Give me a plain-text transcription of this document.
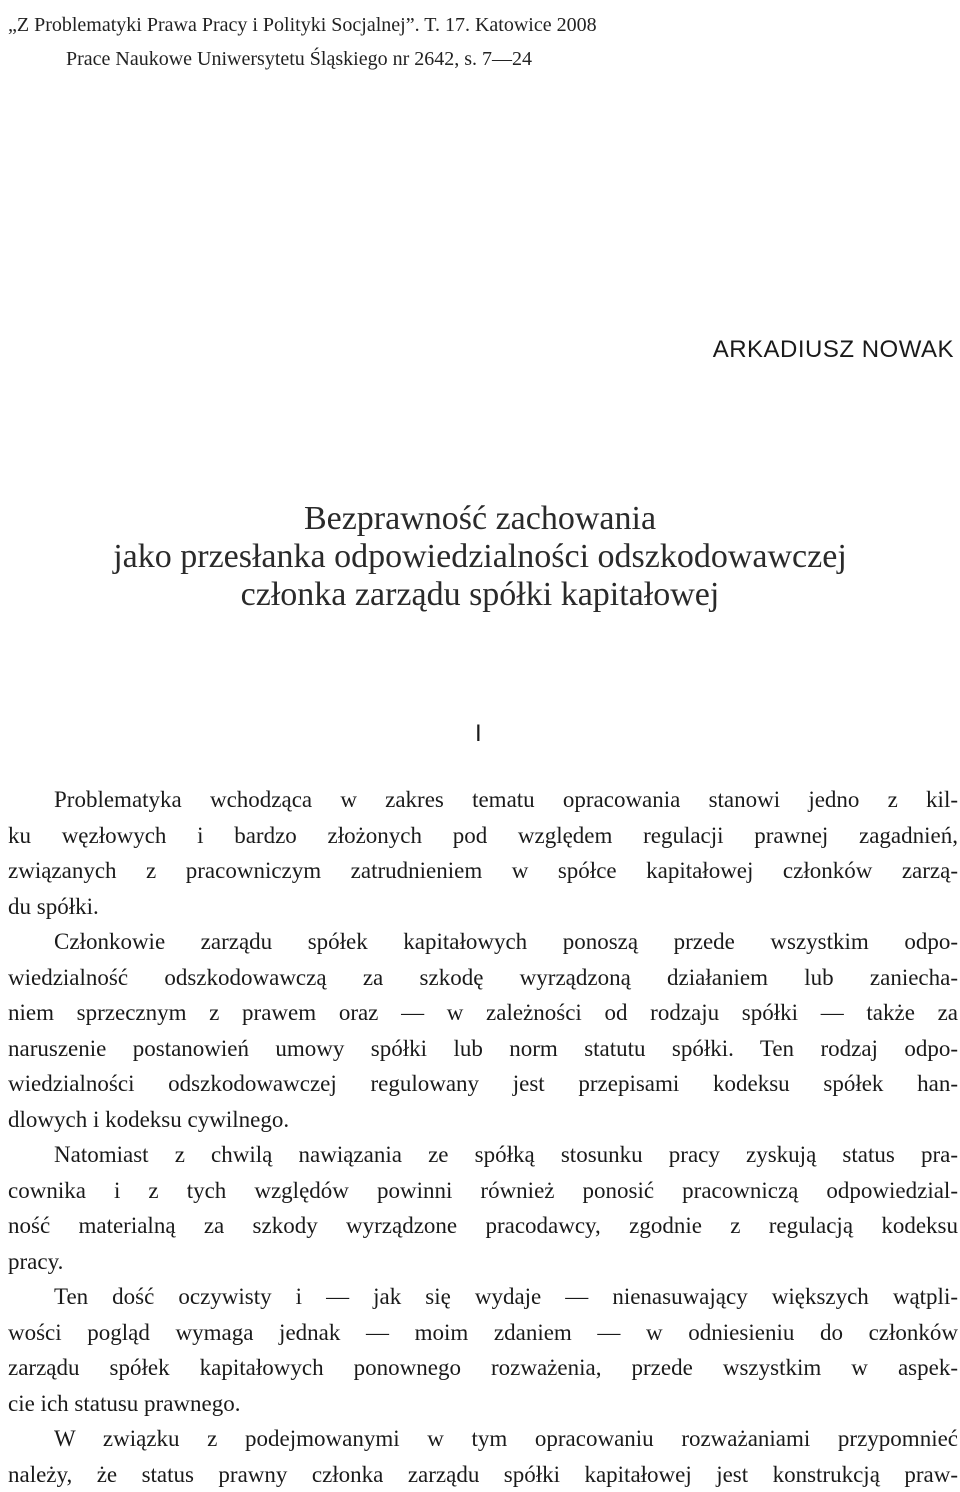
„Z Problematyki Prawa Pracy i Polityki Socjalnej”. T. 17. Katowice 2008
Prace Naukowe Uniwersytetu Śląskiego nr 2642, s. 7—24
ARKADIUSZ NOWAK
Bezprawność zachowania
jako przesłanka odpowiedzialności odszkodowawczej
członka zarządu spółki kapitałowej
I
Problematyka wchodząca w zakres tematu opracowania stanowi jedno z kil-
ku węzłowych i bardzo złożonych pod względem regulacji prawnej zagadnień,
związanych z pracowniczym zatrudnieniem w spółce kapitałowej członków zarzą-
du spółki.
Członkowie zarządu spółek kapitałowych ponoszą przede wszystkim odpo-
wiedzialność odszkodowawczą za szkodę wyrządzoną działaniem lub zaniecha-
niem sprzecznym z prawem oraz — w zależności od rodzaju spółki — także za
naruszenie postanowień umowy spółki lub norm statutu spółki. Ten rodzaj odpo-
wiedzialności odszkodowawczej regulowany jest przepisami kodeksu spółek han-
dlowych i kodeksu cywilnego.
Natomiast z chwilą nawiązania ze spółką stosunku pracy zyskują status pra-
cownika i z tych względów powinni również ponosić pracowniczą odpowiedzial-
ność materialną za szkody wyrządzone pracodawcy, zgodnie z regulacją kodeksu
pracy.
Ten dość oczywisty i — jak się wydaje — nienasuwający większych wątpli-
wości pogląd wymaga jednak — moim zdaniem — w odniesieniu do członków
zarządu spółek kapitałowych ponownego rozważenia, przede wszystkim w aspek-
cie ich statusu prawnego.
W związku z podejmowanymi w tym opracowaniu rozważaniami przypomnieć
należy, że status prawny członka zarządu spółki kapitałowej jest konstrukcją praw-
